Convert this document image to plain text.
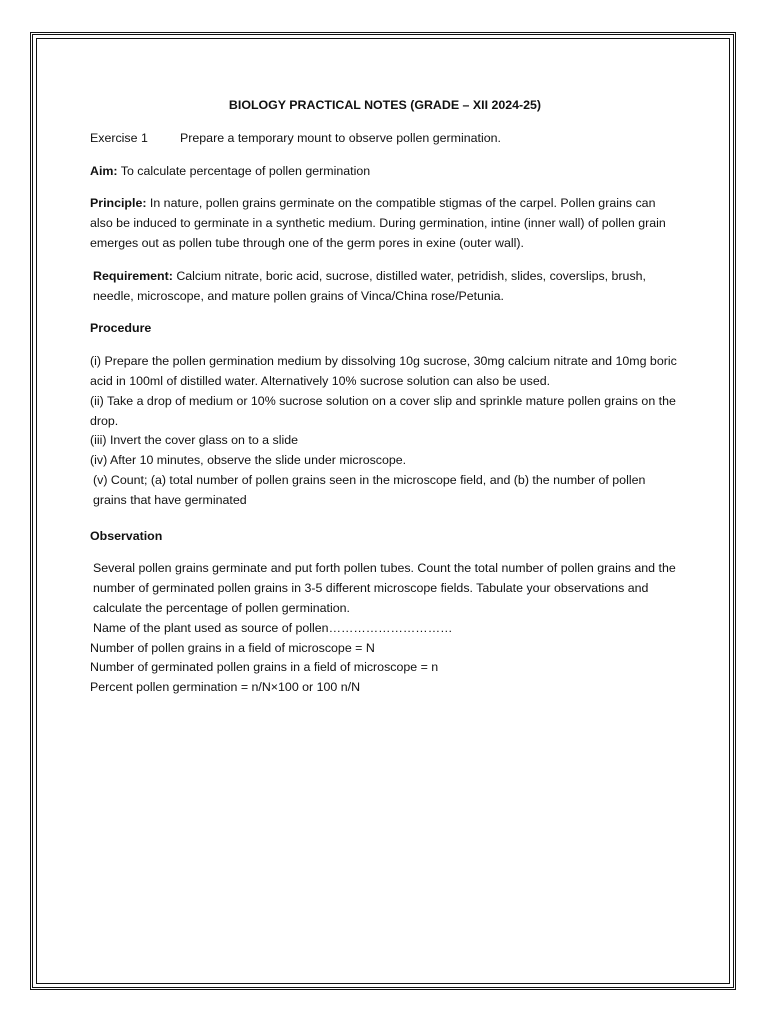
BIOLOGY PRACTICAL NOTES (GRADE – XII 2024-25)
Exercise 1	Prepare a temporary mount to observe pollen germination.

Aim: To calculate percentage of pollen germination

Principle: In nature, pollen grains germinate on the compatible stigmas of the carpel. Pollen grains can also be induced to germinate in a synthetic medium. During germination, intine (inner wall) of pollen grain emerges out as pollen tube through one of the germ pores in exine (outer wall).

Requirement: Calcium nitrate, boric acid, sucrose, distilled water, petridish, slides, coverslips, brush, needle, microscope, and mature pollen grains of Vinca/China rose/Petunia.

Procedure

(i) Prepare the pollen germination medium by dissolving 10g sucrose, 30mg calcium nitrate and 10mg boric acid in 100ml of distilled water. Alternatively 10% sucrose solution can also be used.

(ii) Take a drop of medium or 10% sucrose solution on a cover slip and sprinkle mature pollen grains on the drop.

(iii) Invert the cover glass on to a slide

(iv) After 10 minutes, observe the slide under microscope.

(v) Count; (a) total number of pollen grains seen in the microscope field, and (b) the number of pollen grains that have germinated

Observation

Several pollen grains germinate and put forth pollen tubes. Count the total number of pollen grains and the number of germinated pollen grains in 3-5 different microscope fields. Tabulate your observations and calculate the percentage of pollen germination.

Name of the plant used as source of pollen…………………………

Number of pollen grains in a field of microscope = N

Number of germinated pollen grains in a field of microscope = n

Percent pollen germination = n/N×100 or 100 n/N
